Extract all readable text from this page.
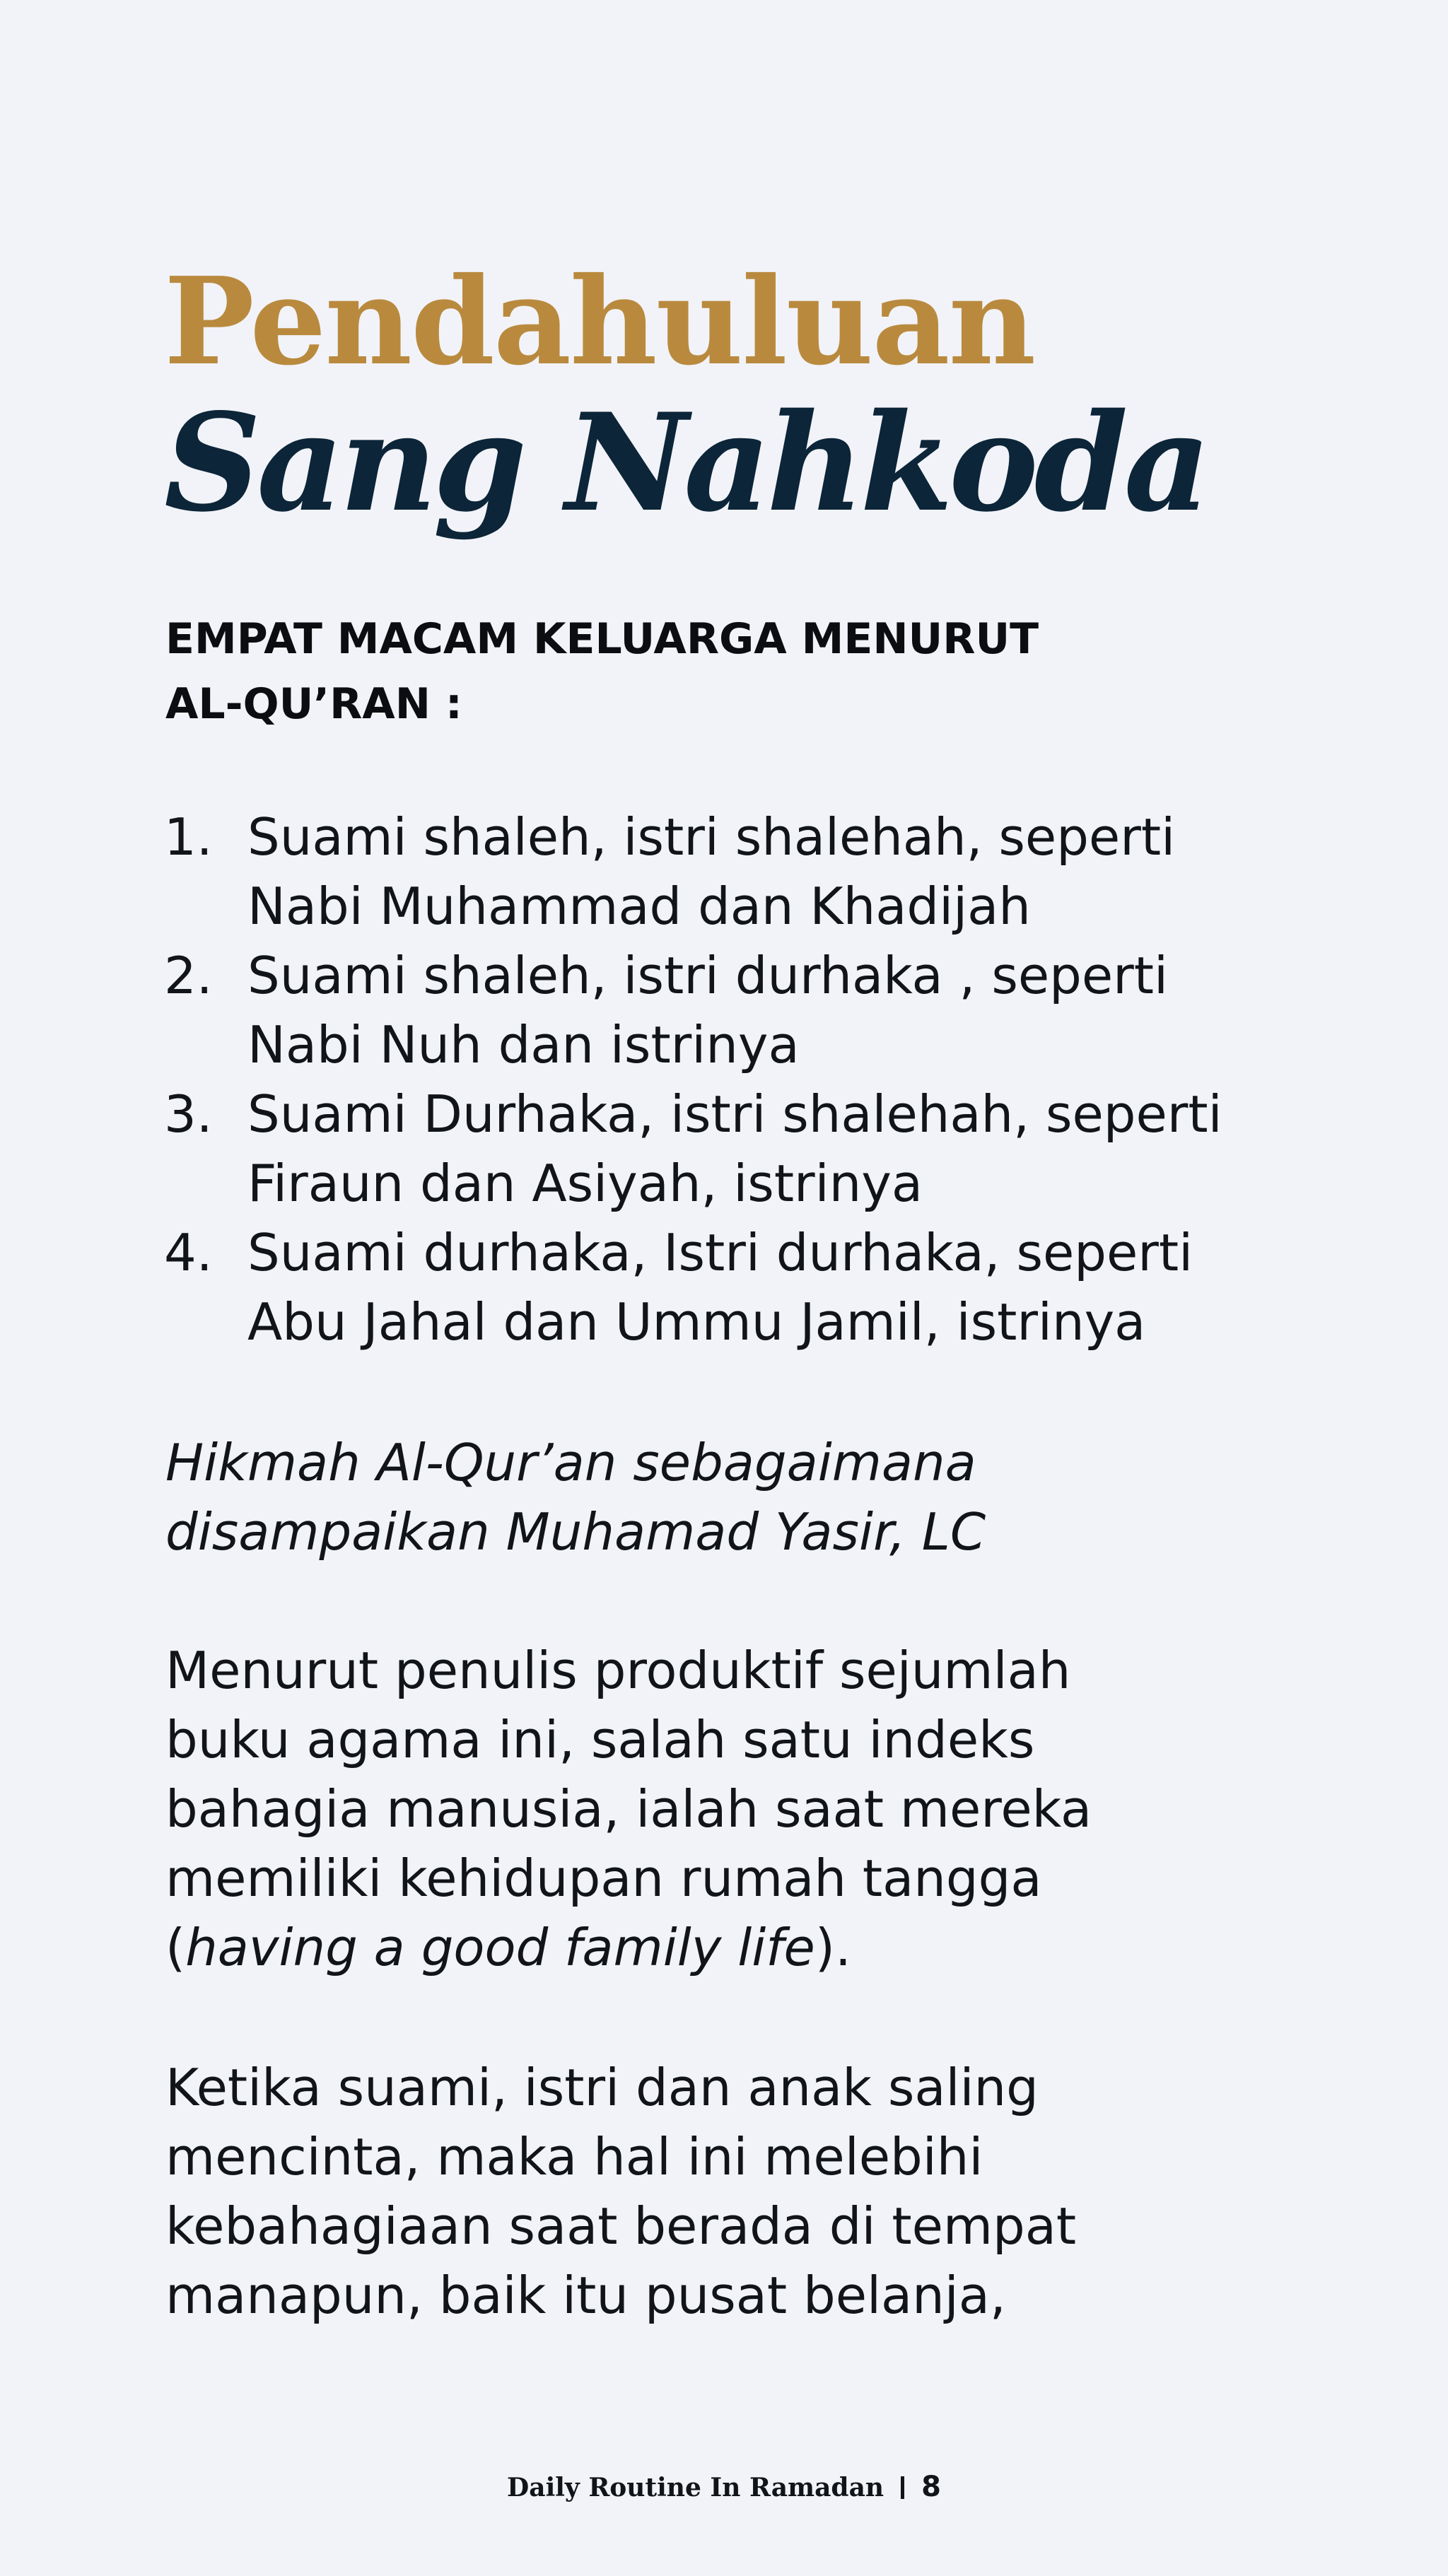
Pendahuluan
Sang Nahkoda
EMPAT MACAM KELUARGA MENURUT
AL-QU’RAN :
1. Suami shaleh, istri shalehah, seperti
Nabi Muhammad dan Khadijah
2. Suami shaleh, istri durhaka , seperti
Nabi Nuh dan istrinya
3. Suami Durhaka, istri shalehah, seperti
Firaun dan Asiyah, istrinya
4. Suami durhaka, Istri durhaka, seperti
Abu Jahal dan Ummu Jamil, istrinya
Hikmah Al-Qur’an sebagaimana
disampaikan Muhamad Yasir, LC
Menurut penulis produktif sejumlah
buku agama ini, salah satu indeks
bahagia manusia, ialah saat mereka
memiliki kehidupan rumah tangga
(having a good family life).
Ketika suami, istri dan anak saling
mencinta, maka hal ini melebihi
kebahagiaan saat berada di tempat
manapun, baik itu pusat belanja,
Daily Routine In Ramadan 8
